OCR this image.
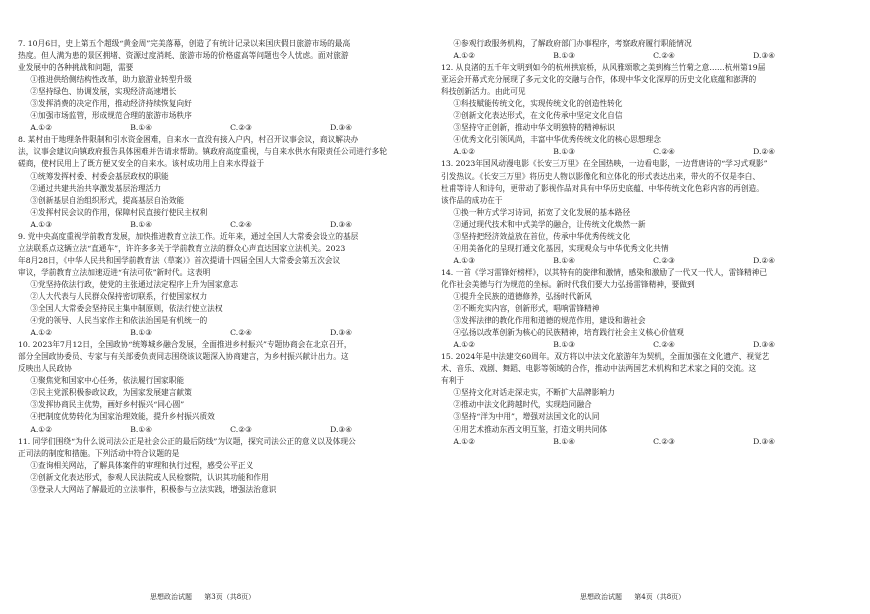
7. 10月6日，史上第五个超级“黄金周”完美落幕，创造了有统计记录以来国庆假日旅游市场的最高
热度。但人满为患的景区拥堵、资源过度消耗、旅游市场的价格虚高等问题也令人忧虑。面对旅游
业发展中的各种挑战和问题，需要
①推进供给侧结构性改革，助力旅游业转型升级
②坚持绿色、协调发展，实现经济高速增长
③发挥消费的决定作用，推动经济持续恢复向好
④加强市场监管，形成规范合理的旅游市场秩序
A.①②	B.①④	C.②③	D.③④
8. 某村由于地理条件限制和引水资金困难，自来水一直没有接入户内，村召开议事会议，商议解决办
法，议事会建议向镇政府报告具体困难并告请求帮助。镇政府高度重视，与自来水供水有限责任公司进行多轮
磋商，使村民用上了既方便又安全的自来水。该村成功用上自来水得益于
①统筹发挥村委、村委会基层政权的职能
②通过共建共治共享激发基层治理活力
③创新基层自治组织形式，提高基层自治效能
④发挥村民会议的作用，保障村民直接行使民主权利
A.①③	B.①④	C.②④	D.③④
9. 党中央高度重视学前教育发展，加快推进教育立法工作。近年来，通过全国人大常委会设立的基层
立法联系点这辆立法“直通车”，许许多多关于学前教育立法的群众心声直达国家立法机关。2023
年8月28日，《中华人民共和国学前教育法（草案）》首次提请十四届全国人大常委会第五次会议
审议，学前教育立法加速迈进“有法可依”新时代。这表明
①党坚持依法行政，使党的主张通过法定程序上升为国家意志
②人大代表与人民群众保持密切联系，行使国家权力
③全国人大常委会坚持民主集中制原则，依法行使立法权
④党的领导、人民当家作主和依法治国是有机统一的
A.①②	B.①③	C.②④	D.③④
10. 2023年7月12日，全国政协“统筹城乡融合发展，全面推进乡村振兴”专题协商会在北京召开，
部分全国政协委员、专家与有关部委负责同志围绕该议题深入协商建言，为乡村振兴献计出力。这
反映出人民政协
①聚焦党和国家中心任务，依法履行国家职能
②民主党派积极参政议政，为国家发展建言献策
③发挥协商民主优势，画好乡村振兴“同心圆”
④把制度优势转化为国家治理效能，提升乡村振兴质效
A.①②	B.①④	C.②③	D.③④
11. 同学们围绕“为什么说司法公正是社会公正的最后防线”为议题，探究司法公正的意义以及体现公
正司法的制度和措施。下列活动中符合议题的是
①查询相关网站，了解具体案件的审理和执行过程，感受公平正义
②创新文化表达形式，参观人民法院或人民检察院，认识其功能和作用
③登录人大网站了解最近的立法事件，积极参与立法实践，增强法治意识
④参观行政服务机构，了解政府部门办事程序，考察政府履行职能情况
A.①②	B.①③	C.②④	D.③④
12. 从良渚的五千年文明到如今的杭州拱宸桥，从风雅颂歌之美到梅兰竹菊之意……杭州第19届
亚运会开幕式充分展现了多元文化的交融与合作，体现中华文化深厚的历史文化底蕴和澎湃的
科技创新活力。由此可见
①科技赋能传统文化，实现传统文化的创造性转化
②创新文化表达形式，在文化传承中坚定文化自信
③坚持守正创新，推动中华文明独特的精神标识
④优秀文化引领风尚，丰富中华优秀传统文化的核心思想理念
A.①②	B.①③	C.②④	D.②④
13. 2023年国风动漫电影《长安三万里》在全国热映，一边看电影，一边背唐诗的“学习式观影”
引发热议。《长安三万里》将历史人物以影像化和立体化的形式表达出来，带火的不仅是李白、
杜甫等诗人和诗句，更带动了影视作品对具有中华历史底蕴、中华传统文化色彩内容的再创造。
该作品的成功在于
①换一种方式学习诗词，拓宽了文化发展的基本路径
②通过现代技术和中式美学的融合，让传统文化焕然一新
③坚持把经济效益放在首位，传承中华优秀传统文化
④用美备化的呈现打通文化基因，实现观众与中华优秀文化共情
A.①③	B.①④	C.②③	D.②④
14. 一首《学习雷锋好榜样》，以其特有的旋律和激情，感染和激励了一代又一代人，雷锋精神已
化作社会美德与行为规范的坐标。新时代我们要大力弘扬雷锋精神，要做到
①提升全民族的道德修养，弘扬时代新风
②不断充实内容，创新形式，唱响雷锋精神
③发挥法律的教化作用和道德的规范作用，建设和谐社会
④弘扬以改革创新为核心的民族精神，培育践行社会主义核心价值观
A.①②	B.①③	C.②④	D.③④
15. 2024年是中法建交60周年。双方将以中法文化旅游年为契机，全面加强在文化遗产、视觉艺
术、音乐、戏剧、舞蹈、电影等领域的合作，推动中法两国艺术机构和艺术家之间的交流。这
有利于
①坚持文化对话走深走实，不断扩大品牌影响力
②推动中法文化跨越时代，实现趋同融合
③坚持“洋为中用”，增强对法国文化的认同
④用艺术推动东西文明互鉴，打造文明共同体
A.①②	B.①④	C.②③	D.③④
思想政治试题 第3页（共8页）	思想政治试题 第4页（共8页）
